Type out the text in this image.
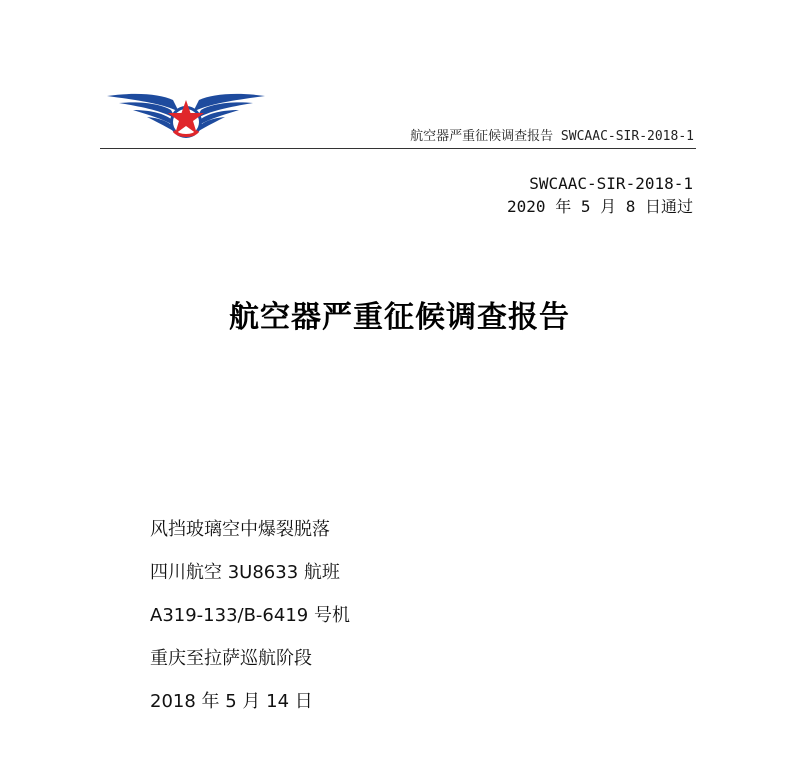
航空器严重征候调查报告 SWCAAC-SIR-2018-1
SWCAAC-SIR-2018-1
2020 年 5 月 8 日通过
航空器严重征候调查报告
风挡玻璃空中爆裂脱落
四川航空 3U8633 航班
A319-133/B-6419 号机
重庆至拉萨巡航阶段
2018 年 5 月 14 日
